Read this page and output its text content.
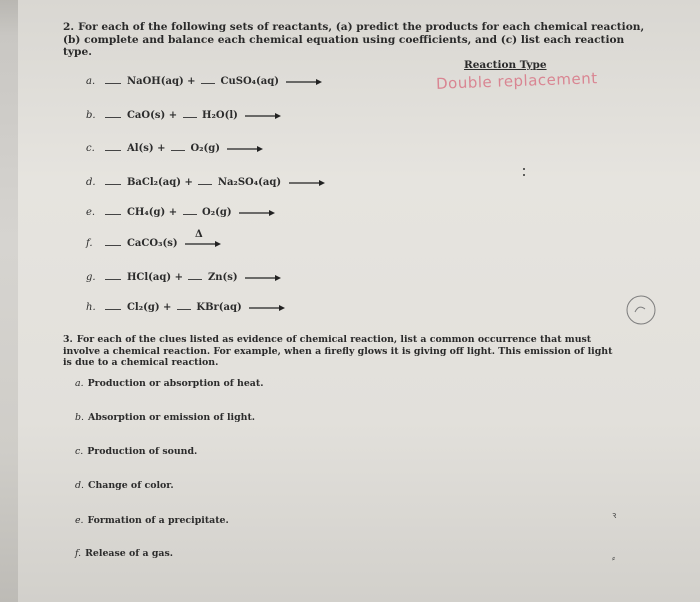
2. For each of the following sets of reactants, (a) predict the products for each chemical reaction, (b) complete and balance each chemical equation using coefficients, and (c) list each reaction type.
Reaction Type
Double replacement
a.	NaOH(aq) + CuSO₄(aq) →
b.	CaO(s) + H₂O(l) →
c.	Al(s) + O₂(g) →
d.	BaCl₂(aq) + Na₂SO₄(aq) →
e.	CH₄(g) + O₂(g) →
f.	CaCO₃(s)
Δ
g.	HCl(aq) + Zn(s) →
h.	Cl₂(g) + KBr(aq) →
3. For each of the clues listed as evidence of chemical reaction, list a common occurrence that must involve a chemical reaction. For example, when a firefly glows it is giving off light. This emission of light is due to a chemical reaction.
a. Production or absorption of heat.
b. Absorption or emission of light.
c. Production of sound.
d. Change of color.
e. Formation of a precipitate.
f. Release of a gas.
ꝛ
⸗
